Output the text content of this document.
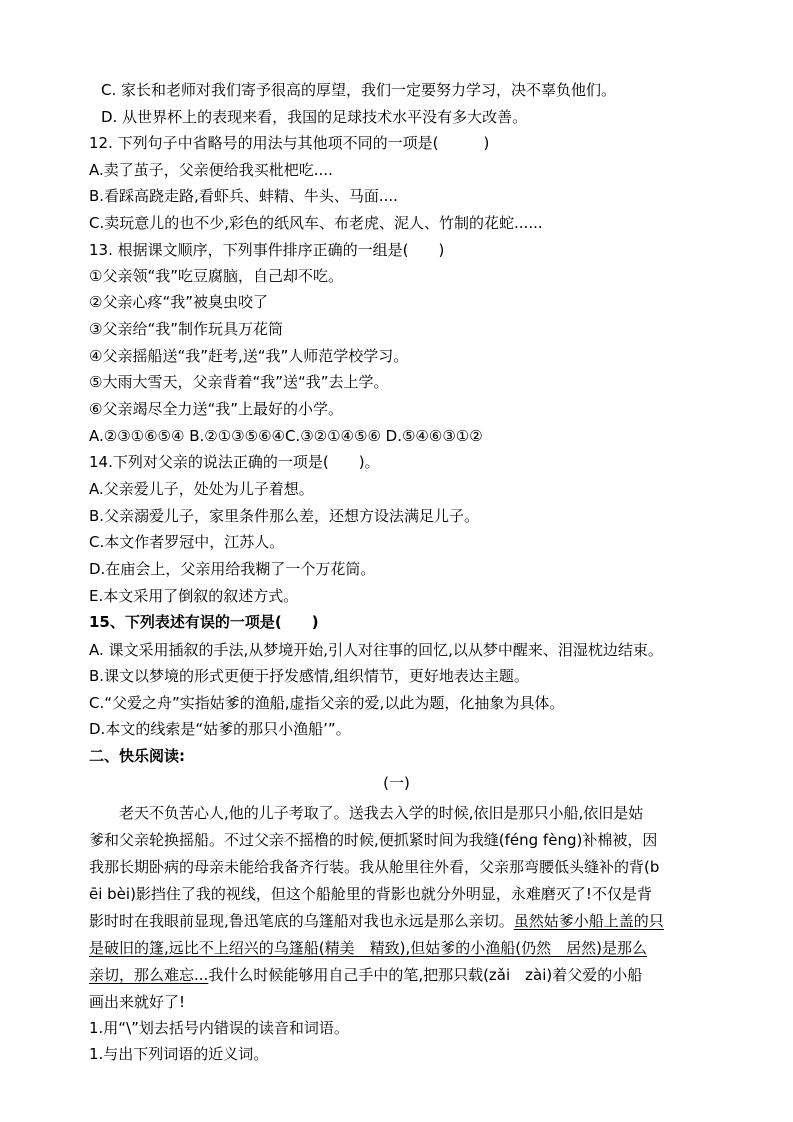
C. 家长和老师对我们寄予很高的厚望，我们一定要努力学习，决不辜负他们。
D. 从世界杯上的表现来看，我国的足球技术水平没有多大改善。
12. 下列句子中省略号的用法与其他项不同的一项是(　　　)
A.卖了茧子，父亲便给我买枇杷吃....
B.看踩高跷走路,看虾兵、蚌精、牛头、马面....
C.卖玩意儿的也不少,彩色的纸风车、布老虎、泥人、竹制的花蛇......
13. 根据课文顺序，下列事件排序正确的一组是(　　)
①父亲领“我”吃豆腐脑，自己却不吃。
②父亲心疼“我”被臭虫咬了
③父亲给“我”制作玩具万花筒
④父亲摇船送“我”赶考,送“我”人师范学校学习。
⑤大雨大雪天，父亲背着“我”送“我”去上学。
⑥父亲竭尽全力送“我”上最好的小学。
A.②③①⑥⑤④ B.②①③⑤⑥④C.③②①④⑤⑥ D.⑤④⑥③①②
14.下列对父亲的说法正确的一项是(　　)。
A.父亲爱儿子，处处为儿子着想。
B.父亲溺爱儿子，家里条件那么差，还想方设法满足儿子。
C.本文作者罗冠中，江苏人。
D.在庙会上，父亲用给我糊了一个万花筒。
E.本文采用了倒叙的叙述方式。
15、下列表述有误的一项是(　　)
A. 课文采用插叙的手法,从梦境开始,引人对往事的回忆,以从梦中醒来、泪湿枕边结束。
B.课文以梦境的形式更便于抒发感情,组织情节，更好地表达主题。
C.“父爱之舟”实指姑爹的渔船,虚指父亲的爱,以此为题，化抽象为具体。
D.本文的线索是“姑爹的那只小渔船’”。
二、快乐阅读:
(一)
　　老天不负苦心人,他的儿子考取了。送我去入学的时候,依旧是那只小船,依旧是姑
爹和父亲轮换摇船。不过父亲不摇橹的时候,便抓紧时间为我缝(féng fèng)补棉被，因
我那长期卧病的母亲未能给我备齐行装。我从舱里往外看，父亲那弯腰低头缝补的背(b
ēi bèi)影挡住了我的视线，但这个船舱里的背影也就分外明显，永难磨灭了!不仅是背
影时时在我眼前显现,鲁迅笔底的乌篷船对我也永远是那么亲切。虽然姑爹小船上盖的只
是破旧的篷,远比不上绍兴的乌篷船(精美　精致),但姑爹的小渔船(仍然　居然)是那么
亲切，那么难忘...我什么时候能够用自己手中的笔,把那只载(zǎi　zài)着父爱的小船
画出来就好了!
1.用“\”划去括号内错误的读音和词语。
1.与出下列词语的近义词。
